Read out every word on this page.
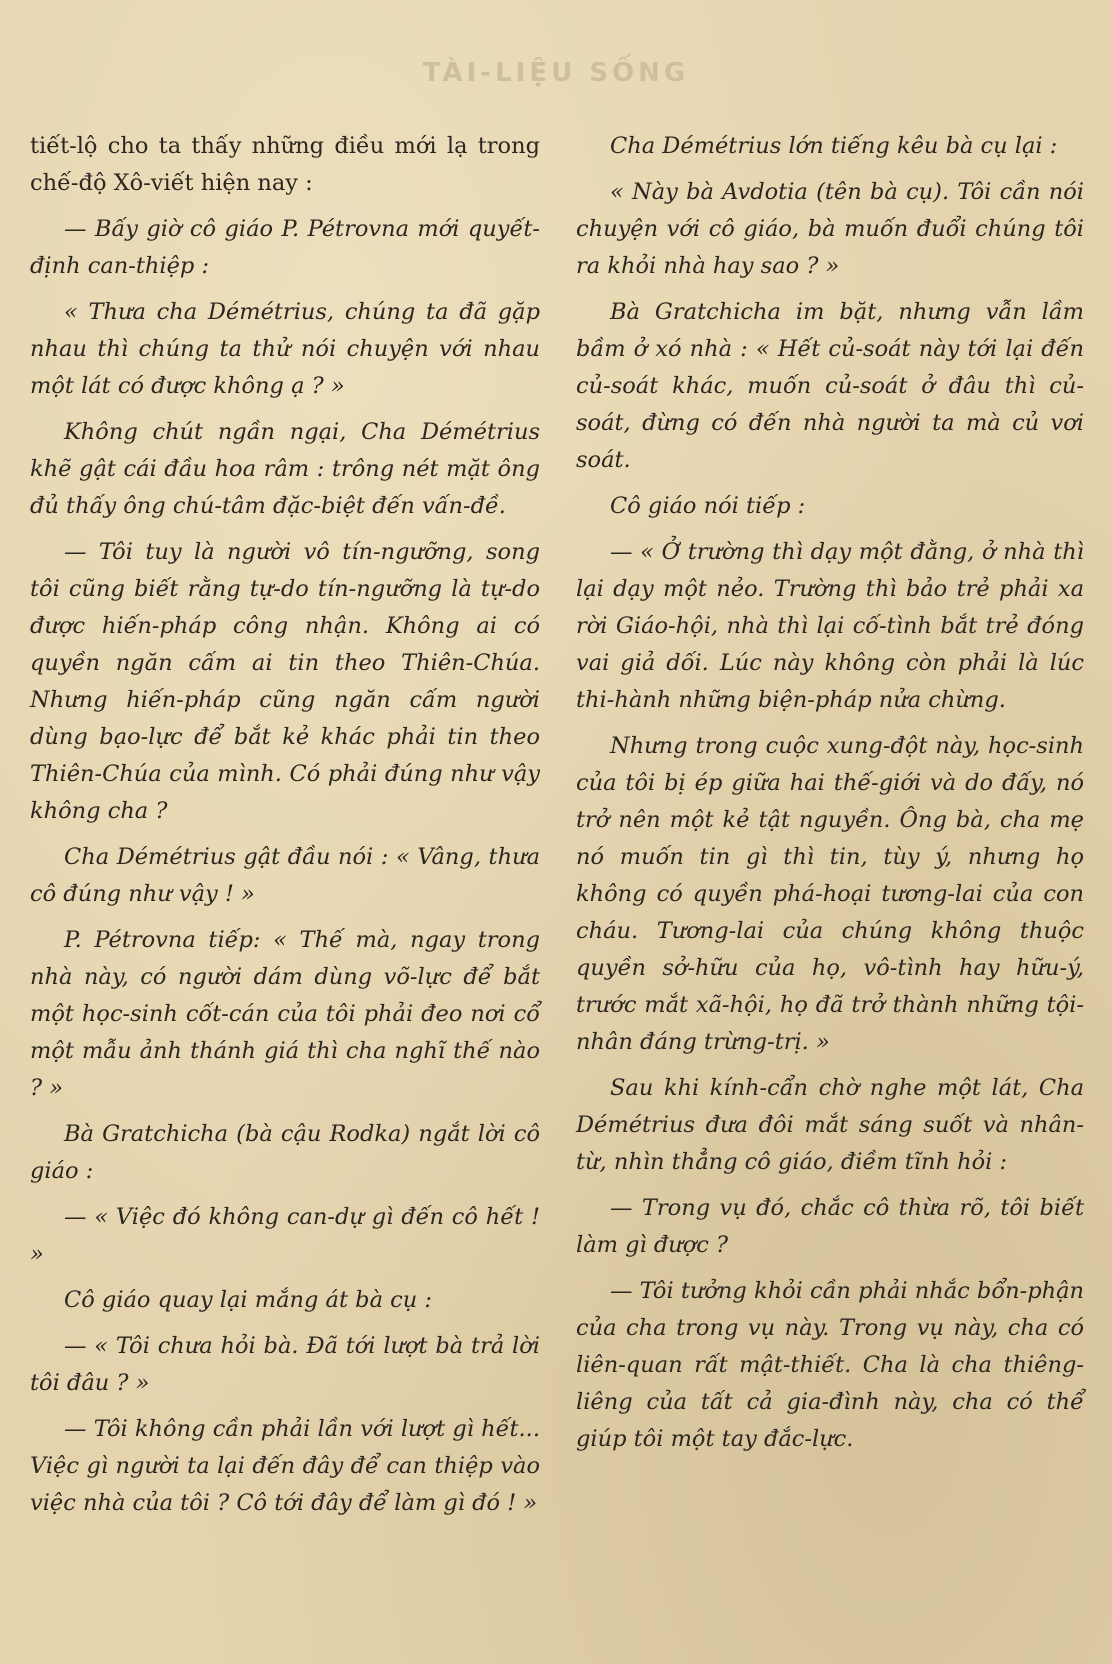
TÀI-LIỆU SỐNG

tiết-lộ cho ta thấy những điều mới lạ trong chế-độ Xô-viết hiện nay :

— Bấy giờ cô giáo P. Pétrovna mới quyết-định can-thiệp :

« Thưa cha Démétrius, chúng ta đã gặp nhau thì chúng ta thử nói chuyện với nhau một lát có được không ạ ? »

Không chút ngần ngại, Cha Démétrius khẽ gật cái đầu hoa râm : trông nét mặt ông đủ thấy ông chú-tâm đặc-biệt đến vấn-đề.

— Tôi tuy là người vô tín-ngưỡng, song tôi cũng biết rằng tự-do tín-ngưỡng là tự-do được hiến-pháp công nhận. Không ai có quyền ngăn cấm ai tin theo Thiên-Chúa. Nhưng hiến-pháp cũng ngăn cấm người dùng bạo-lực để bắt kẻ khác phải tin theo Thiên-Chúa của mình. Có phải đúng như vậy không cha ?

Cha Démétrius gật đầu nói : « Vâng, thưa cô đúng như vậy ! »

P. Pétrovna tiếp: « Thế mà, ngay trong nhà này, có người dám dùng võ-lực để bắt một học-sinh cốt-cán của tôi phải đeo nơi cổ một mẫu ảnh thánh giá thì cha nghĩ thế nào ? »

Bà Gratchicha (bà cậu Rodka) ngắt lời cô giáo :

— « Việc đó không can-dự gì đến cô hết ! »

Cô giáo quay lại mắng át bà cụ :

— « Tôi chưa hỏi bà. Đã tới lượt bà trả lời tôi đâu ? »

— Tôi không cần phải lần với lượt gì hết... Việc gì người ta lại đến đây để can thiệp vào việc nhà của tôi ? Cô tới đây để làm gì đó ! »

Cha Démétrius lớn tiếng kêu bà cụ lại :

« Này bà Avdotia (tên bà cụ). Tôi cần nói chuyện với cô giáo, bà muốn đuổi chúng tôi ra khỏi nhà hay sao ? »

Bà Gratchicha im bặt, nhưng vẫn lầm bầm ở xó nhà : « Hết củ-soát này tới lại đến củ-soát khác, muốn củ-soát ở đâu thì củ-soát, đừng có đến nhà người ta mà củ vơi soát.

Cô giáo nói tiếp :

— « Ở trường thì dạy một đằng, ở nhà thì lại dạy một nẻo. Trường thì bảo trẻ phải xa rời Giáo-hội, nhà thì lại cố-tình bắt trẻ đóng vai giả dối. Lúc này không còn phải là lúc thi-hành những biện-pháp nửa chừng.

Nhưng trong cuộc xung-đột này, học-sinh của tôi bị ép giữa hai thế-giới và do đấy, nó trở nên một kẻ tật nguyền. Ông bà, cha mẹ nó muốn tin gì thì tin, tùy ý, nhưng họ không có quyền phá-hoại tương-lai của con cháu. Tương-lai của chúng không thuộc quyền sở-hữu của họ, vô-tình hay hữu-ý, trước mắt xã-hội, họ đã trở thành những tội-nhân đáng trừng-trị. »

Sau khi kính-cẩn chờ nghe một lát, Cha Démétrius đưa đôi mắt sáng suốt và nhân-từ, nhìn thẳng cô giáo, điềm tĩnh hỏi :

— Trong vụ đó, chắc cô thừa rõ, tôi biết làm gì được ?

— Tôi tưởng khỏi cần phải nhắc bổn-phận của cha trong vụ này. Trong vụ này, cha có liên-quan rất mật-thiết. Cha là cha thiêng-liêng của tất cả gia-đình này, cha có thể giúp tôi một tay đắc-lực.
